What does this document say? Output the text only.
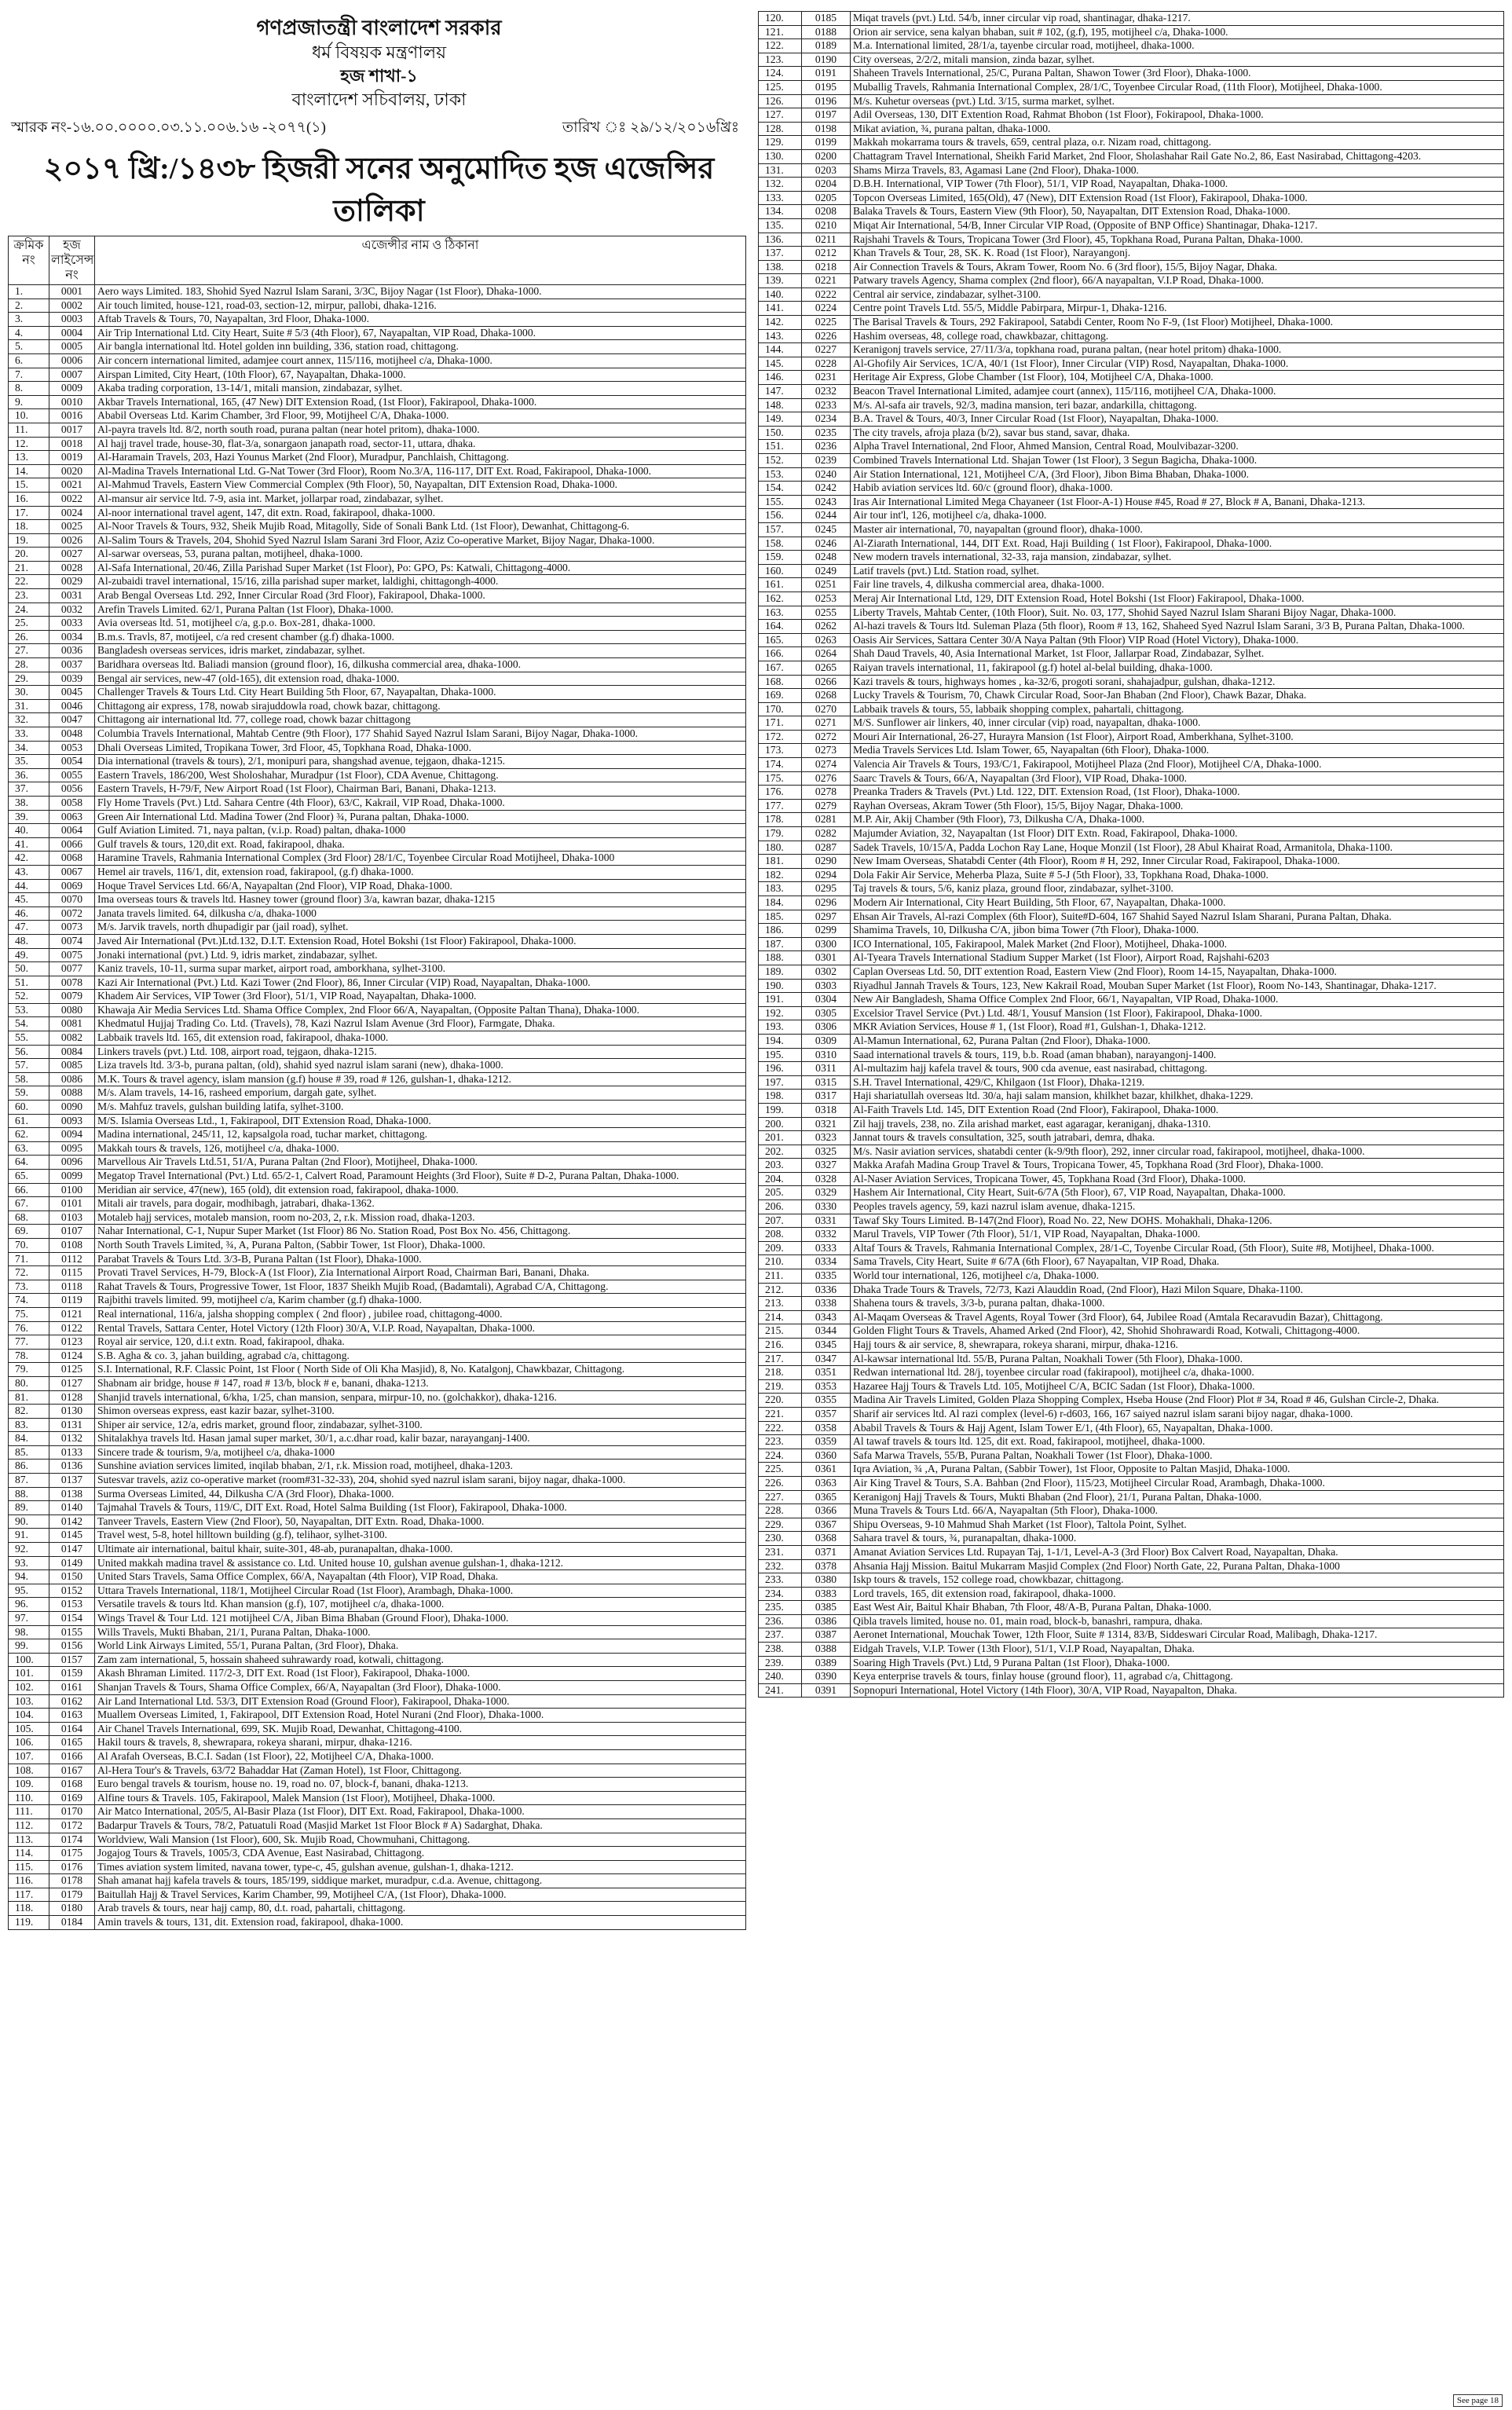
গণপ্রজাতন্ত্রী বাংলাদেশ সরকার
ধর্ম বিষয়ক মন্ত্রণালয়
হজ শাখা-১
বাংলাদেশ সচিবালয়, ঢাকা
স্মারক নং-১৬.০০.০০০০.০৩.১১.০০৬.১৬ -২০৭৭(১)	তারিখ ঃ ২৯/১২/২০১৬খ্রিঃ
২০১৭ খ্রি:/১৪৩৮ হিজরী সনের অনুমোদিত হজ এজেন্সির তালিকা
ক্রমিক নং	হজ লাইসেন্স নং	এজেন্সীর নাম ও ঠিকানা
1.	0001	Aero ways Limited. 183, Shohid Syed Nazrul Islam Sarani, 3/3C, Bijoy Nagar (1st Floor), Dhaka-1000.
2.	0002	Air touch limited, house-121, road-03, section-12, mirpur, pallobi, dhaka-1216.
3.	0003	Aftab Travels & Tours, 70, Nayapaltan, 3rd Floor, Dhaka-1000.
4.	0004	Air Trip International Ltd. City Heart, Suite # 5/3 (4th Floor), 67, Nayapaltan, VIP Road, Dhaka-1000.
5.	0005	Air bangla international ltd. Hotel golden inn building, 336, station road, chittagong.
6.	0006	Air concern international limited, adamjee court annex, 115/116, motijheel c/a, Dhaka-1000.
7.	0007	Airspan Limited, City Heart, (10th Floor), 67, Nayapaltan, Dhaka-1000.
8.	0009	Akaba trading corporation, 13-14/1, mitali mansion, zindabazar, sylhet.
9.	0010	Akbar Travels International, 165, (47 New) DIT Extension Road, (1st Floor), Fakirapool, Dhaka-1000.
10.	0016	Ababil Overseas Ltd. Karim Chamber, 3rd Floor, 99, Motijheel C/A, Dhaka-1000.
11.	0017	Al-payra travels ltd. 8/2, north south road, purana paltan (near hotel pritom), dhaka-1000.
12.	0018	Al hajj travel trade, house-30, flat-3/a, sonargaon janapath road, sector-11, uttara, dhaka.
13.	0019	Al-Haramain Travels, 203, Hazi Younus Market (2nd Floor), Muradpur, Panchlaish, Chittagong.
14.	0020	Al-Madina Travels International Ltd. G-Nat Tower (3rd Floor), Room No.3/A, 116-117, DIT Ext. Road, Fakirapool, Dhaka-1000.
15.	0021	Al-Mahmud Travels, Eastern View Commercial Complex (9th Floor), 50, Nayapaltan, DIT Extension Road, Dhaka-1000.
16.	0022	Al-mansur air service ltd. 7-9, asia int. Market, jollarpar road, zindabazar, sylhet.
17.	0024	Al-noor international travel agent, 147, dit extn. Road, fakirapool, dhaka-1000.
18.	0025	Al-Noor Travels & Tours, 932, Sheik Mujib Road, Mitagolly, Side of Sonali Bank Ltd. (1st Floor), Dewanhat, Chittagong-6.
19.	0026	Al-Salim Tours & Travels, 204, Shohid Syed Nazrul Islam Sarani 3rd Floor, Aziz Co-operative Market, Bijoy Nagar, Dhaka-1000.
20.	0027	Al-sarwar overseas, 53, purana paltan, motijheel, dhaka-1000.
21.	0028	Al-Safa International, 20/46, Zilla Parishad Super Market (1st Floor), Po: GPO, Ps: Katwali, Chittagong-4000.
22.	0029	Al-zubaidi travel international, 15/16, zilla parishad super market, laldighi, chittagongh-4000.
23.	0031	Arab Bengal Overseas Ltd. 292, Inner Circular Road (3rd Floor), Fakirapool, Dhaka-1000.
24.	0032	Arefin Travels Limited. 62/1, Purana Paltan (1st Floor), Dhaka-1000.
25.	0033	Avia overseas ltd. 51, motijheel c/a, g.p.o. Box-281, dhaka-1000.
26.	0034	B.m.s. Travls, 87, motijeel, c/a red cresent chamber (g.f) dhaka-1000.
27.	0036	Bangladesh overseas services, idris market, zindabazar, sylhet.
28.	0037	Baridhara overseas ltd. Baliadi mansion (ground floor), 16, dilkusha commercial area, dhaka-1000.
29.	0039	Bengal air services, new-47 (old-165), dit extension road, dhaka-1000.
30.	0045	Challenger Travels & Tours Ltd. City Heart Building 5th Floor, 67, Nayapaltan, Dhaka-1000.
31.	0046	Chittagong air express, 178, nowab sirajuddowla road, chowk bazar, chittagong.
32.	0047	Chittagong air international ltd. 77, college road, chowk bazar chittagong
33.	0048	Columbia Travels International, Mahtab Centre (9th Floor), 177 Shahid Sayed Nazrul Islam Sarani, Bijoy Nagar, Dhaka-1000.
34.	0053	Dhali Overseas Limited, Tropikana Tower, 3rd Floor, 45, Topkhana Road, Dhaka-1000.
35.	0054	Dia international (travels & tours), 2/1, monipuri para, shangshad avenue, tejgaon, dhaka-1215.
36.	0055	Eastern Travels, 186/200, West Sholoshahar, Muradpur (1st Floor), CDA Avenue, Chittagong.
37.	0056	Eastern Travels, H-79/F, New Airport Road (1st Floor), Chairman Bari, Banani, Dhaka-1213.
38.	0058	Fly Home Travels (Pvt.) Ltd. Sahara Centre (4th Floor), 63/C, Kakrail, VIP Road, Dhaka-1000.
39.	0063	Green Air International Ltd. Madina Tower (2nd Floor) ¾, Purana paltan, Dhaka-1000.
40.	0064	Gulf Aviation Limited. 71, naya paltan, (v.i.p. Road) paltan, dhaka-1000
41.	0066	Gulf travels & tours, 120,dit ext. Road, fakirapool, dhaka.
42.	0068	Haramine Travels, Rahmania International Complex (3rd Floor) 28/1/C, Toyenbee Circular Road Motijheel, Dhaka-1000
43.	0067	Hemel air travels, 116/1, dit, extension road, fakirapool, (g.f) dhaka-1000.
44.	0069	Hoque Travel Services Ltd. 66/A, Nayapaltan (2nd Floor), VIP Road, Dhaka-1000.
45.	0070	Ima overseas tours & travels ltd. Hasney tower (ground floor) 3/a, kawran bazar, dhaka-1215
46.	0072	Janata travels limited. 64, dilkusha c/a, dhaka-1000
47.	0073	M/s. Jarvik travels, north dhupadigir par (jail road), sylhet.
48.	0074	Javed Air International (Pvt.)Ltd.132, D.I.T. Extension Road, Hotel Bokshi (1st Floor) Fakirapool, Dhaka-1000.
49.	0075	Jonaki international (pvt.) Ltd. 9, idris market, zindabazar, sylhet.
50.	0077	Kaniz travels, 10-11, surma supar market, airport road, amborkhana, sylhet-3100.
51.	0078	Kazi Air International (Pvt.) Ltd. Kazi Tower (2nd Floor), 86, Inner Circular (VIP) Road, Nayapaltan, Dhaka-1000.
52.	0079	Khadem Air Services, VIP Tower (3rd Floor), 51/1, VIP Road, Nayapaltan, Dhaka-1000.
53.	0080	Khawaja Air Media Services Ltd. Shama Office Complex, 2nd Floor 66/A, Nayapaltan, (Opposite Paltan Thana), Dhaka-1000.
54.	0081	Khedmatul Hujjaj Trading Co. Ltd. (Travels), 78, Kazi Nazrul Islam Avenue (3rd Floor), Farmgate, Dhaka.
55.	0082	Labbaik travels ltd. 165, dit extension road, fakirapool, dhaka-1000.
56.	0084	Linkers travels (pvt.) Ltd. 108, airport road, tejgaon, dhaka-1215.
57.	0085	Liza travels ltd. 3/3-b, purana paltan, (old), shahid syed nazrul islam sarani (new), dhaka-1000.
58.	0086	M.K. Tours & travel agency, islam mansion (g.f) house # 39, road # 126, gulshan-1, dhaka-1212.
59.	0088	M/s. Alam travels, 14-16, rasheed emporium, dargah gate, sylhet.
60.	0090	M/s. Mahfuz travels, gulshan building latifa, sylhet-3100.
61.	0093	M/S. Islamia Overseas Ltd., 1, Fakirapool, DIT Extension Road, Dhaka-1000.
62.	0094	Madina international, 245/11, 12, kapsalgola road, tuchar market, chittagong.
63.	0095	Makkah tours & travels, 126, motijheel c/a, dhaka-1000.
64.	0096	Marvellous Air Travels Ltd.51, 51/A, Purana Paltan (2nd Floor), Motijheel, Dhaka-1000.
65.	0099	Megatop Travel International (Pvt.) Ltd. 65/2-1, Calvert Road, Paramount Heights (3rd Floor), Suite # D-2, Purana Paltan, Dhaka-1000.
66.	0100	Meridian air service, 47(new), 165 (old), dit extension road, fakirapool, dhaka-1000.
67.	0101	Mitali air travels, para dogair, modhibagh, jatrabari, dhaka-1362.
68.	0103	Motaleb hajj services, motaleb mansion, room no-203, 2, r.k. Mission road, dhaka-1203.
69.	0107	Nahar International, C-1, Nupur Super Market (1st Floor) 86 No. Station Road, Post Box No. 456, Chittagong.
70.	0108	North South Travels Limited, ¾, A, Purana Palton, (Sabbir Tower, 1st Floor), Dhaka-1000.
71.	0112	Parabat Travels & Tours Ltd. 3/3-B, Purana Paltan (1st Floor), Dhaka-1000.
72.	0115	Provati Travel Services, H-79, Block-A (1st Floor), Zia International Airport Road, Chairman Bari, Banani, Dhaka.
73.	0118	Rahat Travels & Tours, Progressive Tower, 1st Floor, 1837 Sheikh Mujib Road, (Badamtali), Agrabad C/A, Chittagong.
74.	0119	Rajbithi travels limited. 99, motijheel c/a, Karim chamber (g.f) dhaka-1000.
75.	0121	Real international, 116/a, jalsha shopping complex ( 2nd floor) , jubilee road, chittagong-4000.
76.	0122	Rental Travels, Sattara Center, Hotel Victory (12th Floor) 30/A, V.I.P. Road, Nayapaltan, Dhaka-1000.
77.	0123	Royal air service, 120, d.i.t extn. Road, fakirapool, dhaka.
78.	0124	S.B. Agha & co. 3, jahan building, agrabad c/a, chittagong.
79.	0125	S.I. International, R.F. Classic Point, 1st Floor ( North Side of Oli Kha Masjid), 8, No. Katalgonj, Chawkbazar, Chittagong.
80.	0127	Shabnam air bridge, house # 147, road # 13/b, block # e, banani, dhaka-1213.
81.	0128	Shanjid travels international, 6/kha, 1/25, chan mansion, senpara, mirpur-10, no. (golchakkor), dhaka-1216.
82.	0130	Shimon overseas express, east kazir bazar, sylhet-3100.
83.	0131	Shiper air service, 12/a, edris market, ground floor, zindabazar, sylhet-3100.
84.	0132	Shitalakhya travels ltd. Hasan jamal super market, 30/1, a.c.dhar road, kalir bazar, narayanganj-1400.
85.	0133	Sincere trade & tourism, 9/a, motijheel c/a, dhaka-1000
86.	0136	Sunshine aviation services limited, inqilab bhaban, 2/1, r.k. Mission road, motijheel, dhaka-1203.
87.	0137	Sutesvar travels, aziz co-operative market (room#31-32-33), 204, shohid syed nazrul islam sarani, bijoy nagar, dhaka-1000.
88.	0138	Surma Overseas Limited, 44, Dilkusha C/A (3rd Floor), Dhaka-1000.
89.	0140	Tajmahal Travels & Tours, 119/C, DIT Ext. Road, Hotel Salma Building (1st Floor), Fakirapool, Dhaka-1000.
90.	0142	Tanveer Travels, Eastern View (2nd Floor), 50, Nayapaltan, DIT Extn. Road, Dhaka-1000.
91.	0145	Travel west, 5-8, hotel hilltown building (g.f), telihaor, sylhet-3100.
92.	0147	Ultimate air international, baitul khair, suite-301, 48-ab, puranapaltan, dhaka-1000.
93.	0149	United makkah madina travel & assistance co. Ltd. United house 10, gulshan avenue gulshan-1, dhaka-1212.
94.	0150	United Stars Travels, Sama Office Complex, 66/A, Nayapaltan (4th Floor), VIP Road, Dhaka.
95.	0152	Uttara Travels International, 118/1, Motijheel Circular Road (1st Floor), Arambagh, Dhaka-1000.
96.	0153	Versatile travels & tours ltd. Khan mansion (g.f), 107, motijheel c/a, dhaka-1000.
97.	0154	Wings Travel & Tour Ltd. 121 motijheel C/A, Jiban Bima Bhaban (Ground Floor), Dhaka-1000.
98.	0155	Wills Travels, Mukti Bhaban, 21/1, Purana Paltan, Dhaka-1000.
99.	0156	World Link Airways Limited, 55/1, Purana Paltan, (3rd Floor), Dhaka.
100.	0157	Zam zam international, 5, hossain shaheed suhrawardy road, kotwali, chittagong.
101.	0159	Akash Bhraman Limited. 117/2-3, DIT Ext. Road (1st Floor), Fakirapool, Dhaka-1000.
102.	0161	Shanjan Travels & Tours, Shama Office Complex, 66/A, Nayapaltan (3rd Floor), Dhaka-1000.
103.	0162	Air Land International Ltd. 53/3, DIT Extension Road (Ground Floor), Fakirapool, Dhaka-1000.
104.	0163	Muallem Overseas Limited, 1, Fakirapool, DIT Extension Road, Hotel Nurani (2nd Floor), Dhaka-1000.
105.	0164	Air Chanel Travels International, 699, SK. Mujib Road, Dewanhat, Chittagong-4100.
106.	0165	Hakil tours & travels, 8, shewrapara, rokeya sharani, mirpur, dhaka-1216.
107.	0166	Al Arafah Overseas, B.C.I. Sadan (1st Floor), 22, Motijheel C/A, Dhaka-1000.
108.	0167	Al-Hera Tour's & Travels, 63/72 Bahaddar Hat (Zaman Hotel), 1st Floor, Chittagong.
109.	0168	Euro bengal travels & tourism, house no. 19, road no. 07, block-f, banani, dhaka-1213.
110.	0169	Alfine tours & Travels. 105, Fakirapool, Malek Mansion (1st Floor), Motijheel, Dhaka-1000.
111.	0170	Air Matco International, 205/5, Al-Basir Plaza (1st Floor), DIT Ext. Road, Fakirapool, Dhaka-1000.
112.	0172	Badarpur Travels & Tours, 78/2, Patuatuli Road (Masjid Market 1st Floor Block # A) Sadarghat, Dhaka.
113.	0174	Worldview, Wali Mansion (1st Floor), 600, Sk. Mujib Road, Chowmuhani, Chittagong.
114.	0175	Jogajog Tours & Travels, 1005/3, CDA Avenue, East Nasirabad, Chittagong.
115.	0176	Times aviation system limited, navana tower, type-c, 45, gulshan avenue, gulshan-1, dhaka-1212.
116.	0178	Shah amanat hajj kafela travels & tours, 185/199, siddique market, muradpur, c.d.a. Avenue, chittagong.
117.	0179	Baitullah Hajj & Travel Services, Karim Chamber, 99, Motijheel C/A, (1st Floor), Dhaka-1000.
118.	0180	Arab travels & tours, near hajj camp, 80, d.t. road, pahartali, chittagong.
119.	0184	Amin travels & tours, 131, dit. Extension road, fakirapool, dhaka-1000.
120.	0185	Miqat travels (pvt.) Ltd. 54/b, inner circular vip road, shantinagar, dhaka-1217.
121.	0188	Orion air service, sena kalyan bhaban, suit # 102, (g.f), 195, motijheel c/a, Dhaka-1000.
122.	0189	M.a. International limited, 28/1/a, tayenbe circular road, motijheel, dhaka-1000.
123.	0190	City overseas, 2/2/2, mitali mansion, zinda bazar, sylhet.
124.	0191	Shaheen Travels International, 25/C, Purana Paltan, Shawon Tower (3rd Floor), Dhaka-1000.
125.	0195	Muballig Travels, Rahmania International Complex, 28/1/C, Toyenbee Circular Road, (11th Floor), Motijheel, Dhaka-1000.
126.	0196	M/s. Kuhetur overseas (pvt.) Ltd. 3/15, surma market, sylhet.
127.	0197	Adil Overseas, 130, DIT Extention Road, Rahmat Bhobon (1st Floor), Fokirapool, Dhaka-1000.
128.	0198	Mikat aviation, ¾, purana paltan, dhaka-1000.
129.	0199	Makkah mokarrama tours & travels, 659, central plaza, o.r. Nizam road, chittagong.
130.	0200	Chattagram Travel International, Sheikh Farid Market, 2nd Floor, Sholashahar Rail Gate No.2, 86, East Nasirabad, Chittagong-4203.
131.	0203	Shams Mirza Travels, 83, Agamasi Lane (2nd Floor), Dhaka-1000.
132.	0204	D.B.H. International, VIP Tower (7th Floor), 51/1, VIP Road, Nayapaltan, Dhaka-1000.
133.	0205	Topcon Overseas Limited, 165(Old), 47 (New), DIT Extension Road (1st Floor), Fakirapool, Dhaka-1000.
134.	0208	Balaka Travels & Tours, Eastern View (9th Floor), 50, Nayapaltan, DIT Extension Road, Dhaka-1000.
135.	0210	Miqat Air International, 54/B, Inner Circular VIP Road, (Opposite of BNP Office) Shantinagar, Dhaka-1217.
136.	0211	Rajshahi Travels & Tours, Tropicana Tower (3rd Floor), 45, Topkhana Road, Purana Paltan, Dhaka-1000.
137.	0212	Khan Travels & Tour, 28, SK. K. Road (1st Floor), Narayangonj.
138.	0218	Air Connection Travels & Tours, Akram Tower, Room No. 6 (3rd floor), 15/5, Bijoy Nagar, Dhaka.
139.	0221	Patwary travels Agency, Shama complex (2nd floor), 66/A nayapaltan, V.I.P Road, Dhaka-1000.
140.	0222	Central air service, zindabazar, sylhet-3100.
141.	0224	Centre point Travels Ltd. 55/5, Middle Pabirpara, Mirpur-1, Dhaka-1216.
142.	0225	The Barisal Travels & Tours, 292 Fakirapool, Satabdi Center, Room No F-9, (1st Floor) Motijheel, Dhaka-1000.
143.	0226	Hashim overseas, 48, college road, chawkbazar, chittagong.
144.	0227	Keranigonj travels service, 27/11/3/a, topkhana road, purana paltan, (near hotel pritom) dhaka-1000.
145.	0228	Al-Ghofily Air Services, 1C/A, 40/1 (1st Floor), Inner Circular (VIP) Rosd, Nayapaltan, Dhaka-1000.
146.	0231	Heritage Air Express, Globe Chamber (1st Floor), 104, Motijheel C/A, Dhaka-1000.
147.	0232	Beacon Travel International Limited, adamjee court (annex), 115/116, motijheel C/A, Dhaka-1000.
148.	0233	M/s. Al-safa air travels, 92/3, madina mansion, teri bazar, andarkilla, chittagong.
149.	0234	B.A. Travel & Tours, 40/3, Inner Circular Road (1st Floor), Nayapaltan, Dhaka-1000.
150.	0235	The city travels, afroja plaza (b/2), savar bus stand, savar, dhaka.
151.	0236	Alpha Travel International, 2nd Floor, Ahmed Mansion, Central Road, Moulvibazar-3200.
152.	0239	Combined Travels International Ltd. Shajan Tower (1st Floor), 3 Segun Bagicha, Dhaka-1000.
153.	0240	Air Station International, 121, Motijheel C/A, (3rd Floor), Jibon Bima Bhaban, Dhaka-1000.
154.	0242	Habib aviation services ltd. 60/c (ground floor), dhaka-1000.
155.	0243	Iras Air International Limited Mega Chayaneer (1st Floor-A-1) House #45, Road # 27, Block # A, Banani, Dhaka-1213.
156.	0244	Air tour int'l, 126, motijheel c/a, dhaka-1000.
157.	0245	Master air international, 70, nayapaltan (ground floor), dhaka-1000.
158.	0246	Al-Ziarath International, 144, DIT Ext. Road, Haji Building ( 1st Floor), Fakirapool, Dhaka-1000.
159.	0248	New modern travels international, 32-33, raja mansion, zindabazar, sylhet.
160.	0249	Latif travels (pvt.) Ltd. Station road, sylhet.
161.	0251	Fair line travels, 4, dilkusha commercial area, dhaka-1000.
162.	0253	Meraj Air International Ltd, 129, DIT Extension Road, Hotel Bokshi (1st Floor) Fakirapool, Dhaka-1000.
163.	0255	Liberty Travels, Mahtab Center, (10th Floor), Suit. No. 03, 177, Shohid Sayed Nazrul Islam Sharani Bijoy Nagar, Dhaka-1000.
164.	0262	Al-hazi travels & Tours ltd. Suleman Plaza (5th floor), Room # 13, 162, Shaheed Syed Nazrul Islam Sarani, 3/3 B, Purana Paltan, Dhaka-1000.
165.	0263	Oasis Air Services, Sattara Center 30/A Naya Paltan (9th Floor) VIP Road (Hotel Victory), Dhaka-1000.
166.	0264	Shah Daud Travels, 40, Asia International Market, 1st Floor, Jallarpar Road, Zindabazar, Sylhet.
167.	0265	Raiyan travels international, 11, fakirapool (g.f) hotel al-belal building, dhaka-1000.
168.	0266	Kazi travels & tours, highways homes , ka-32/6, progoti sorani, shahajadpur, gulshan, dhaka-1212.
169.	0268	Lucky Travels & Tourism, 70, Chawk Circular Road, Soor-Jan Bhaban (2nd Floor), Chawk Bazar, Dhaka.
170.	0270	Labbaik travels & tours, 55, labbaik shopping complex, pahartali, chittagong.
171.	0271	M/S. Sunflower air linkers, 40, inner circular (vip) road, nayapaltan, dhaka-1000.
172.	0272	Mouri Air International, 26-27, Hurayra Mansion (1st Floor), Airport Road, Amberkhana, Sylhet-3100.
173.	0273	Media Travels Services Ltd. Islam Tower, 65, Nayapaltan (6th Floor), Dhaka-1000.
174.	0274	Valencia Air Travels & Tours, 193/C/1, Fakirapool, Motijheel Plaza (2nd Floor), Motijheel C/A, Dhaka-1000.
175.	0276	Saarc Travels & Tours, 66/A, Nayapaltan (3rd Floor), VIP Road, Dhaka-1000.
176.	0278	Preanka Traders & Travels (Pvt.) Ltd. 122, DIT. Extension Road, (1st Floor), Dhaka-1000.
177.	0279	Rayhan Overseas, Akram Tower (5th Floor), 15/5, Bijoy Nagar, Dhaka-1000.
178.	0281	M.P. Air, Akij Chamber (9th Floor), 73, Dilkusha C/A, Dhaka-1000.
179.	0282	Majumder Aviation, 32, Nayapaltan (1st Floor) DIT Extn. Road, Fakirapool, Dhaka-1000.
180.	0287	Sadek Travels, 10/15/A, Padda Lochon Ray Lane, Hoque Monzil (1st Floor), 28 Abul Khairat Road, Armanitola, Dhaka-1100.
181.	0290	New Imam Overseas, Shatabdi Center (4th Floor), Room # H, 292, Inner Circular Road, Fakirapool, Dhaka-1000.
182.	0294	Dola Fakir Air Service, Meherba Plaza, Suite # 5-J (5th Floor), 33, Topkhana Road, Dhaka-1000.
183.	0295	Taj travels & tours, 5/6, kaniz plaza, ground floor, zindabazar, sylhet-3100.
184.	0296	Modern Air International, City Heart Building, 5th Floor, 67, Nayapaltan, Dhaka-1000.
185.	0297	Ehsan Air Travels, Al-razi Complex (6th Floor), Suite#D-604, 167 Shahid Sayed Nazrul Islam Sharani, Purana Paltan, Dhaka.
186.	0299	Shamima Travels, 10, Dilkusha C/A, jibon bima Tower (7th Floor), Dhaka-1000.
187.	0300	ICO International, 105, Fakirapool, Malek Market (2nd Floor), Motijheel, Dhaka-1000.
188.	0301	Al-Tyeara Travels International Stadium Supper Market (1st Floor), Airport Road, Rajshahi-6203
189.	0302	Caplan Overseas Ltd. 50, DIT extention Road, Eastern View (2nd Floor), Room 14-15, Nayapaltan, Dhaka-1000.
190.	0303	Riyadhul Jannah Travels & Tours, 123, New Kakrail Road, Mouban Super Market (1st Floor), Room No-143, Shantinagar, Dhaka-1217.
191.	0304	New Air Bangladesh, Shama Office Complex 2nd Floor, 66/1, Nayapaltan, VIP Road, Dhaka-1000.
192.	0305	Excelsior Travel Service (Pvt.) Ltd. 48/1, Yousuf Mansion (1st Floor), Fakirapool, Dhaka-1000.
193.	0306	MKR Aviation Services, House # 1, (1st Floor), Road #1, Gulshan-1, Dhaka-1212.
194.	0309	Al-Mamun International, 62, Purana Paltan (2nd Floor), Dhaka-1000.
195.	0310	Saad international travels & tours, 119, b.b. Road (aman bhaban), narayangonj-1400.
196.	0311	Al-multazim hajj kafela travel & tours, 900 cda avenue, east nasirabad, chittagong.
197.	0315	S.H. Travel International, 429/C, Khilgaon (1st Floor), Dhaka-1219.
198.	0317	Haji shariatullah overseas ltd. 30/a, haji salam mansion, khilkhet bazar, khilkhet, dhaka-1229.
199.	0318	Al-Faith Travels Ltd. 145, DIT Extention Road (2nd Floor), Fakirapool, Dhaka-1000.
200.	0321	Zil hajj travels, 238, no. Zila arishad market, east agaragar, keraniganj, dhaka-1310.
201.	0323	Jannat tours & travels consultation, 325, south jatrabari, demra, dhaka.
202.	0325	M/s. Nasir aviation services, shatabdi center (k-9/9th floor), 292, inner circular road, fakirapool, motijheel, dhaka-1000.
203.	0327	Makka Arafah Madina Group Travel & Tours, Tropicana Tower, 45, Topkhana Road (3rd Floor), Dhaka-1000.
204.	0328	Al-Naser Aviation Services, Tropicana Tower, 45, Topkhana Road (3rd Floor), Dhaka-1000.
205.	0329	Hashem Air International, City Heart, Suit-6/7A (5th Floor), 67, VIP Road, Nayapaltan, Dhaka-1000.
206.	0330	Peoples travels agency, 59, kazi nazrul islam avenue, dhaka-1215.
207.	0331	Tawaf Sky Tours Limited. B-147(2nd Floor), Road No. 22, New DOHS. Mohakhali, Dhaka-1206.
208.	0332	Marul Travels, VIP Tower (7th Floor), 51/1, VIP Road, Nayapaltan, Dhaka-1000.
209.	0333	Altaf Tours & Travels, Rahmania International Complex, 28/1-C, Toyenbe Circular Road, (5th Floor), Suite #8, Motijheel, Dhaka-1000.
210.	0334	Sama Travels, City Heart, Suite # 6/7A (6th Floor), 67 Nayapaltan, VIP Road, Dhaka.
211.	0335	World tour international, 126, motijheel c/a, Dhaka-1000.
212.	0336	Dhaka Trade Tours & Travels, 72/73, Kazi Alauddin Road, (2nd Floor), Hazi Milon Square, Dhaka-1100.
213.	0338	Shahena tours & travels, 3/3-b, purana paltan, dhaka-1000.
214.	0343	Al-Maqam Overseas & Travel Agents, Royal Tower (3rd Floor), 64, Jubilee Road (Amtala Recaravudin Bazar), Chittagong.
215.	0344	Golden Flight Tours & Travels, Ahamed Arked (2nd Floor), 42, Shohid Shohrawardi Road, Kotwali, Chittagong-4000.
216.	0345	Hajj tours & air service, 8, shewrapara, rokeya sharani, mirpur, dhaka-1216.
217.	0347	Al-kawsar international ltd. 55/B, Purana Paltan, Noakhali Tower (5th Floor), Dhaka-1000.
218.	0351	Redwan international ltd. 28/j, toyenbee circular road (fakirapool), motijheel c/a, dhaka-1000.
219.	0353	Hazaree Hajj Tours & Travels Ltd. 105, Motijheel C/A, BCIC Sadan (1st Floor), Dhaka-1000.
220.	0355	Madina Air Travels Limited, Golden Plaza Shopping Complex, Hseba House (2nd Floor) Plot # 34, Road # 46, Gulshan Circle-2, Dhaka.
221.	0357	Sharif air services ltd. Al razi complex (level-6) r-d603, 166, 167 saiyed nazrul islam sarani bijoy nagar, dhaka-1000.
222.	0358	Ababil Travels & Tours & Hajj Agent, Islam Tower E/1, (4th Floor), 65, Nayapaltan, Dhaka-1000.
223.	0359	Al tawaf travels & tours ltd. 125, dit ext. Road, fakirapool, motijheel, dhaka-1000.
224.	0360	Safa Marwa Travels, 55/B, Purana Paltan, Noakhali Tower (1st Floor), Dhaka-1000.
225.	0361	Iqra Aviation, ¾ ,A, Purana Paltan, (Sabbir Tower), 1st Floor, Opposite to Paltan Masjid, Dhaka-1000.
226.	0363	Air King Travel & Tours, S.A. Bahban (2nd Floor), 115/23, Motijheel Circular Road, Arambagh, Dhaka-1000.
227.	0365	Keranigonj Hajj Travels & Tours, Mukti Bhaban (2nd Floor), 21/1, Purana Paltan, Dhaka-1000.
228.	0366	Muna Travels & Tours Ltd. 66/A, Nayapaltan (5th Floor), Dhaka-1000.
229.	0367	Shipu Overseas, 9-10 Mahmud Shah Market (1st Floor), Taltola Point, Sylhet.
230.	0368	Sahara travel & tours, ¾, puranapaltan, dhaka-1000.
231.	0371	Amanat Aviation Services Ltd. Rupayan Taj, 1-1/1, Level-A-3 (3rd Floor) Box Calvert Road, Nayapaltan, Dhaka.
232.	0378	Ahsania Hajj Mission. Baitul Mukarram Masjid Complex (2nd Floor) North Gate, 22, Purana Paltan, Dhaka-1000
233.	0380	Iskp tours & travels, 152 college road, chowkbazar, chittagong.
234.	0383	Lord travels, 165, dit extension road, fakirapool, dhaka-1000.
235.	0385	East West Air, Baitul Khair Bhaban, 7th Floor, 48/A-B, Purana Paltan, Dhaka-1000.
236.	0386	Qibla travels limited, house no. 01, main road, block-b, banashri, rampura, dhaka.
237.	0387	Aeronet International, Mouchak Tower, 12th Floor, Suite # 1314, 83/B, Siddeswari Circular Road, Malibagh, Dhaka-1217.
238.	0388	Eidgah Travels, V.I.P. Tower (13th Floor), 51/1, V.I.P Road, Nayapaltan, Dhaka.
239.	0389	Soaring High Travels (Pvt.) Ltd, 9 Purana Paltan (1st Floor), Dhaka-1000.
240.	0390	Keya enterprise travels & tours, finlay house (ground floor), 11, agrabad c/a, Chittagong.
241.	0391	Sopnopuri International, Hotel Victory (14th Floor), 30/A, VIP Road, Nayapalton, Dhaka.
See page 18
